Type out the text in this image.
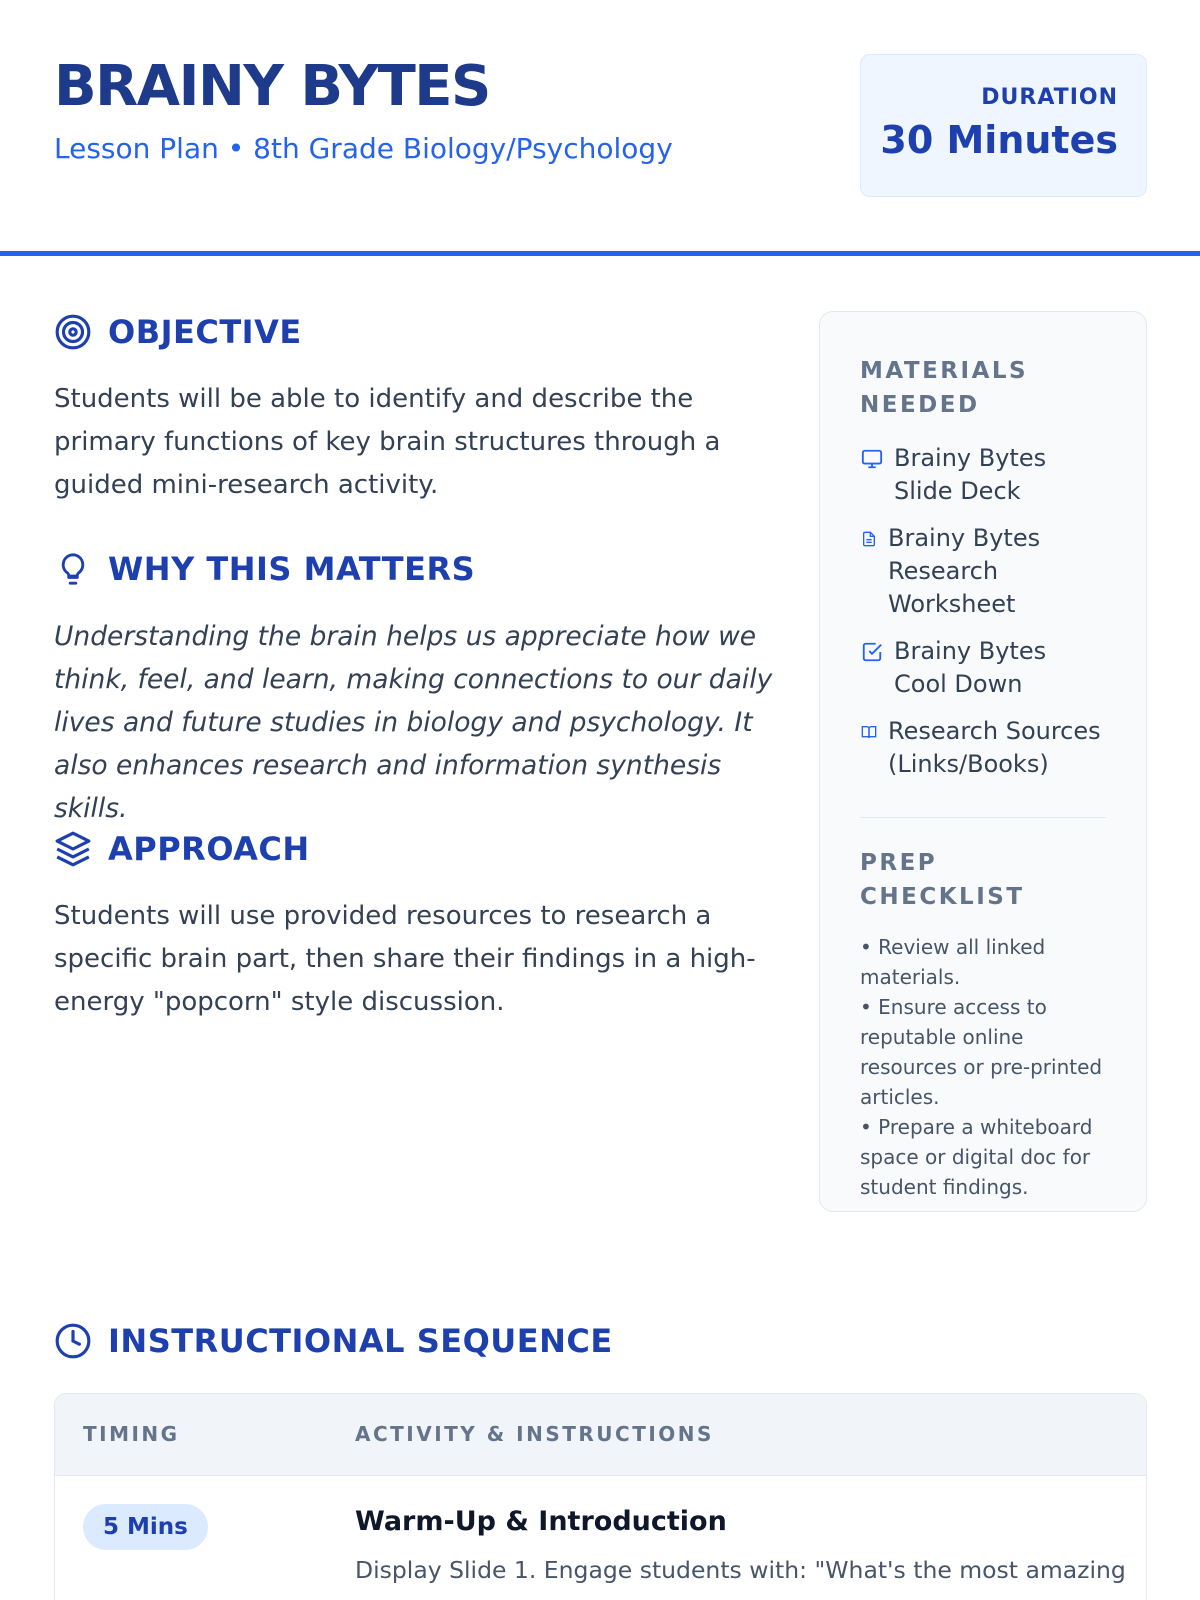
BRAINY BYTES
Lesson Plan • 8th Grade Biology/Psychology
DURATION
30 Minutes
OBJECTIVE

Students will be able to identify and describe the primary functions of key brain structures through a guided mini-research activity.

WHY THIS MATTERS

Understanding the brain helps us appreciate how we think, feel, and learn, making connections to our daily lives and future studies in biology and psychology. It also enhances research and information synthesis skills.

APPROACH

Students will use provided resources to research a specific brain part, then share their findings in a high-energy "popcorn" style discussion.

MATERIALS NEEDED
Brainy Bytes Slide Deck
Brainy Bytes Research Worksheet
Brainy Bytes Cool Down
Research Sources (Links/Books)
PREP CHECKLIST
• Review all linked materials.
• Ensure access to reputable online resources or pre-printed articles.
• Prepare a whiteboard space or digital doc for student findings.
INSTRUCTIONAL SEQUENCE
TIMING	ACTIVITY & INSTRUCTIONS
5 Mins	Warm-Up & Introduction
Display Slide 1. Engage students with: "What's the most amazing
